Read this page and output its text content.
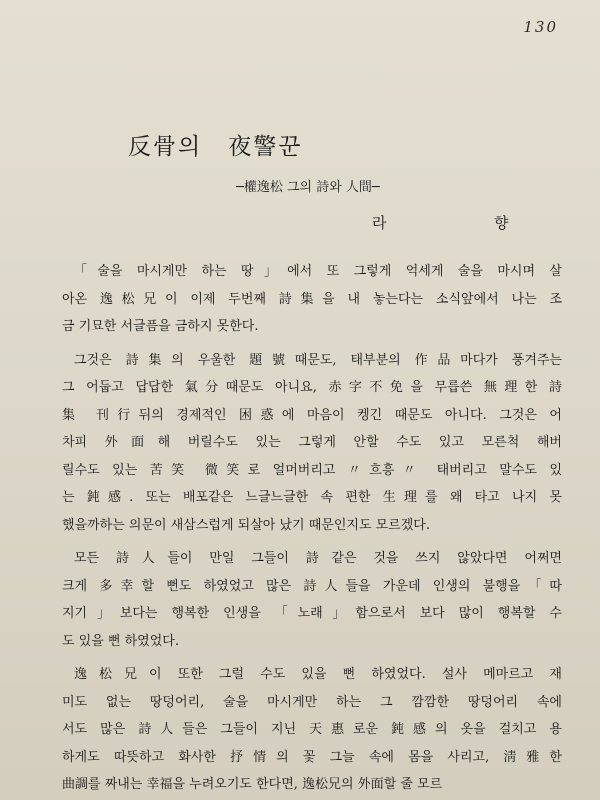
130
反骨의 夜警꾼
─權逸松 그의 詩와 人間─
라	향
「술을 마시게만 하는 땅」에서 또 그렇게 억세게 술을 마시며 살
아온 逸松兄이 이제 두번째 詩集을 내 놓는다는 소식앞에서 나는 조
금 기묘한 서글픔을 금하지 못한다.
그것은 詩集의 우울한 題號때문도, 태부분의 作品마다가 풍겨주는
그 어둡고 답답한 氣分때문도 아니요, 赤字不免을 무릅쓴 無理한 詩
集 刊行뒤의 경제적인 困惑에 마음이 켕긴 때문도 아니다. 그것은 어
차피 外面해 버릴수도 있는 그렇게 안할 수도 있고 모른척 해버
릴수도 있는 苦笑 微笑로 얼머버리고 〃흐흥〃 태버리고 말수도 있
는 鈍感. 또는 배포같은 느글느글한 속 편한 生理를 왜 타고 나지 못
했을까하는 의문이 새삼스럽게 되살아 났기 때문인지도 모르겠다.
모든 詩人들이 만일 그들이 詩같은 것을 쓰지 않았다면 어쩌면
크게 多幸할 뻔도 하였었고 많은 詩人들을 가운데 인생의 불행을「따
지기」보다는 행복한 인생을 「노래」함으로서 보다 많이 행복할 수
도 있을 뻔 하였었다.
逸松兄이 또한 그럴 수도 있을 뻔 하였었다. 설사 메마르고 재
미도 없는 땅덩어리, 술을 마시게만 하는 그 깜깜한 땅덩어리 속에
서도 많은 詩人들은 그들이 지닌 天惠로운 鈍感의 옷을 걸치고 용
하게도 따뜻하고 화사한 抒情의 꽃 그늘 속에 몸을 사리고, 淸雅한
曲調를 짜내는 幸福을 누려오기도 한다면, 逸松兄의 外面할 줄 모르
